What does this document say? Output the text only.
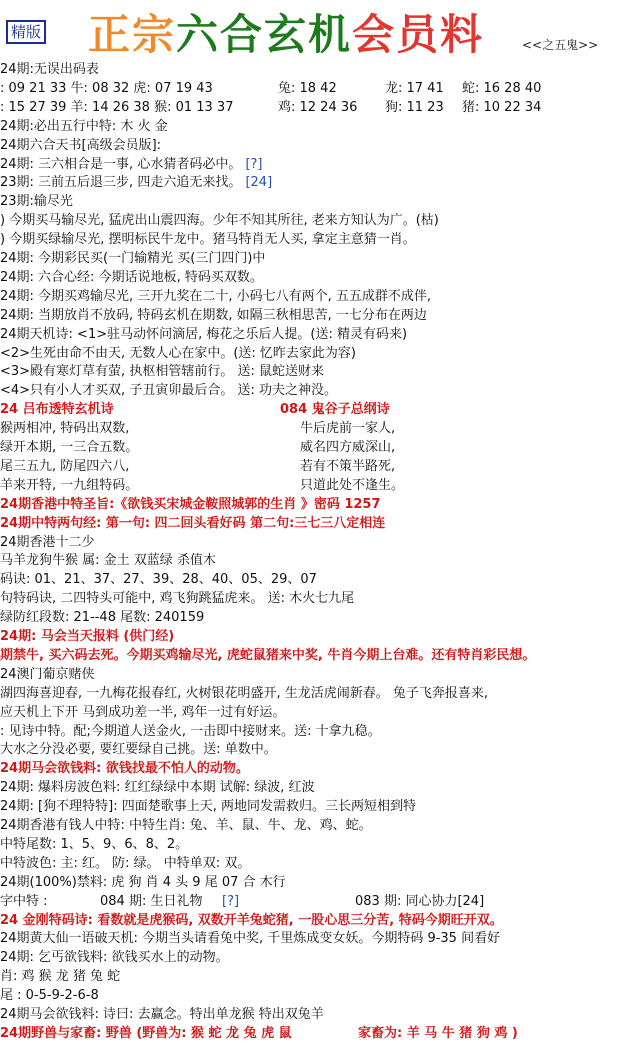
精版 正宗六合玄机会员料	<<之五鬼>>
24期:无误出码表
: 09 21 33 牛: 08 32 虎: 07 19 43	兔: 18 42	龙: 17 41 蛇: 16 28 40
: 15 27 39 羊: 14 26 38 猴: 01 13 37	鸡: 12 24 36 狗: 11 23 猪: 10 22 34
24期:必出五行中特: 木 火 金
24期六合天书[高级会员版]:
24期: 三六相合是一事, 心水猜者码必中。 [?]
23期: 三前五后退三步, 四走六追无来找。 [24]
23期:输尽光
) 今期买马输尽光, 猛虎出山震四海。少年不知其所往, 老来方知认为广。(枯)
) 今期买绿输尽光, 摆明标民牛龙中。猪马特肖无人买, 拿定主意猜一肖。
24期: 今期彩民买(一门输精光 买(三门四门)中
24期: 六合心经: 今期话说地板, 特码买双数。
24期: 今期买鸡输尽光, 三开九奖在二十, 小码七八有两个, 五五成群不成伴,
24期: 当期放肖不放码, 特码玄机在期数, 如隔三秋相思苦, 一七分布在两边
24期天机诗: <1>驻马动怀问滴居, 梅花之乐后人提。(送: 精灵有码来)
<2>生死由命不由天, 无数人心在家中。(送: 忆昨去家此为容)
<3>殿有寒灯草有萤, 执枢相管辖前行。 送: 鼠蛇送财来
<4>只有小人才买双, 子丑寅卯最后合。 送: 功夫之神没。
24 吕布透特玄机诗	084 鬼谷子总纲诗
猴两相冲, 特码出双数,	牛后虎前一家人,
绿开本期, 一三合五数。	威名四方威深山,
尾三五九, 防尾四六八,	若有不策半路死,
羊来开特, 一九组特码。	只道此处不逢生。
24期香港中特圣旨:《欲钱买宋城金鞍照城郭的生肖 》密码 1257
24期中特两句经: 第一句: 四二回头看好码 第二句:三七三八定相连
24期香港十二少
马羊龙狗牛猴 属: 金土 双蓝绿 杀值木
码诀: 01、21、37、27、39、28、40、05、29、07
句特码诀, 二四特头可能中, 鸡飞狗跳猛虎来。 送: 木火七九尾
绿防红段数: 21--48 尾数: 240159
24期: 马会当天报料 (供门经)
期禁牛, 买六码去死。今期买鸡输尽光, 虎蛇鼠猪来中奖, 牛肖今期上台难。还有特肖彩民想。
24澳门葡京赌侠
湖四海喜迎春, 一九梅花报春红, 火树银花明盛开, 生龙活虎闹新春。 兔子飞奔报喜来,
应天机上下开 马到成功差一半, 鸡年一过有好运。
: 见诗中特。配;今期道人送金火, 一击即中接财来。送: 十拿九稳。
大水之分没必要, 要红要绿自己挑。送: 单数中。
24期马会欲钱料: 欲钱找最不怕人的动物。
24期: 爆料房波色料: 红红绿绿中本期 试解: 绿波, 红波
24期: [狗不理特特]: 四面楚歌事上天, 两地同发需救归。三长两短相到特
24期香港有钱人中特: 中特生肖: 兔、羊、鼠、牛、龙、鸡、蛇。
中特尾数: 1、5、9、6、8、2。
中特波色: 主: 红。 防: 绿。 中特单双: 双。
24期(100%)禁料: 虎 狗 肖 4 头 9 尾 07 合 木行
字中特 :	084 期: 生日礼物 [?]	083 期: 同心协力[24]
24 金刚特码诗: 看数就是虎猴码, 双数开羊兔蛇猪, 一股心思三分苦, 特码今期旺开双。
24期黄大仙一语破天机: 今期当头请看兔中奖, 千里炼成变女妖。今期特码 9-35 间看好
24期: 乞丐欲钱料: 欲钱买水上的动物。
肖: 鸡 猴 龙 猪 兔 蛇
尾 : 0-5-9-2-6-8
24期马会欲钱料: 诗曰: 去赢念。特出单龙猴 特出双兔羊
24期野兽与家畜: 野兽 (野兽为: 猴 蛇 龙 兔 虎 鼠	家畜为: 羊 马 牛 猪 狗 鸡 )
